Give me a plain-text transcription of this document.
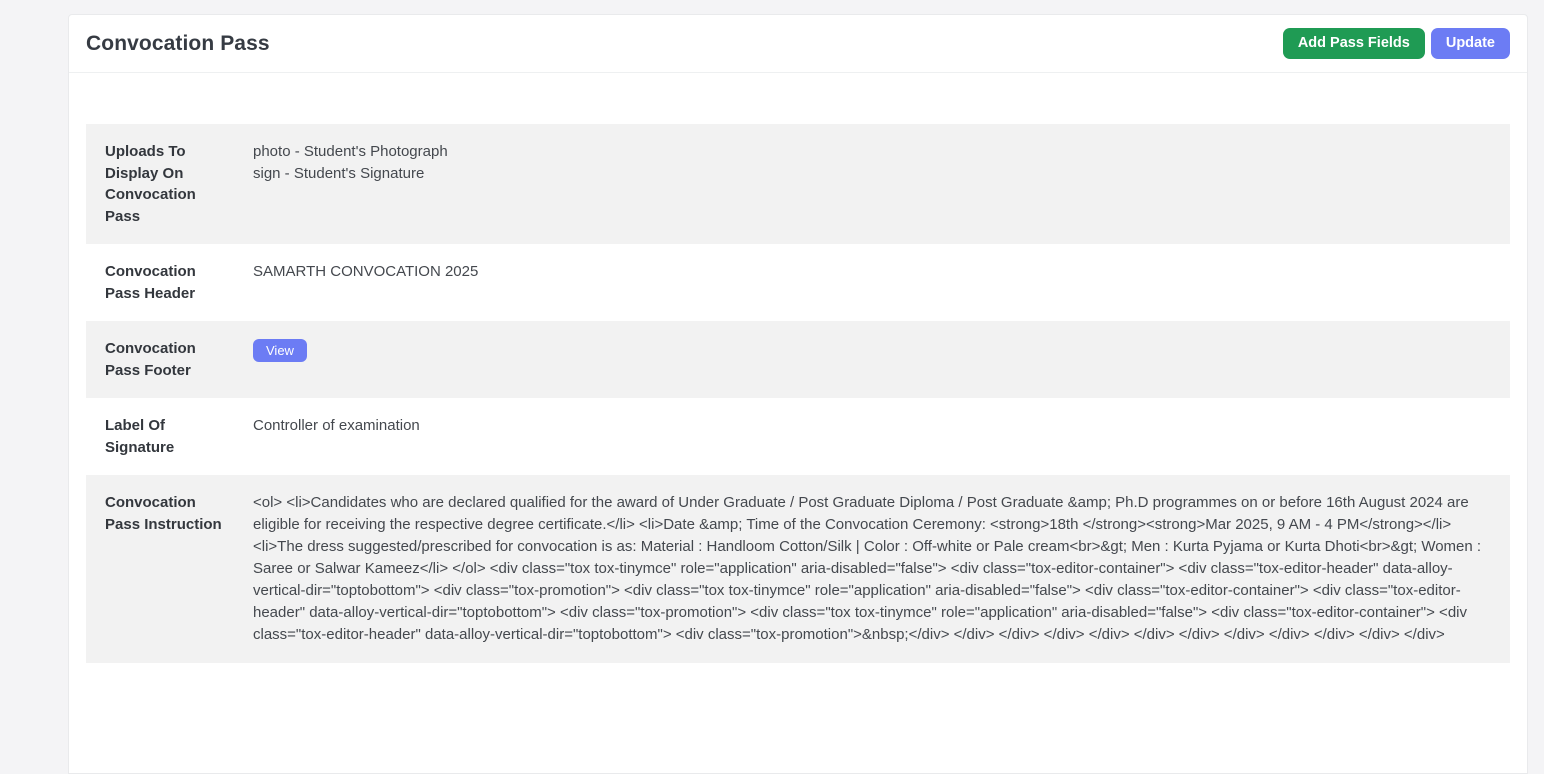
Convocation Pass	Add Pass Fields	Update
Uploads To Display On Convocation Pass	photo - Student's Photograph
sign - Student's Signature

Convocation Pass Header	SAMARTH CONVOCATION 2025
Convocation Pass Footer	View
Label Of Signature	Controller of examination
Convocation Pass Instruction	<ol> <li>Candidates who are declared qualified for the award of Under Graduate / Post Graduate Diploma / Post Graduate &amp; Ph.D programmes on or before 16th August 2024 are eligible for receiving the respective degree certificate.</li> <li>Date &amp; Time of the Convocation Ceremony: <strong>18th </strong><strong>Mar 2025, 9 AM - 4 PM</strong></li> <li>The dress suggested/prescribed for convocation is as: Material : Handloom Cotton/Silk | Color : Off-white or Pale cream<br>&gt; Men : Kurta Pyjama or Kurta Dhoti<br>&gt; Women : Saree or Salwar Kameez</li> </ol> <div class="tox tox-tinymce" role="application" aria-disabled="false"> <div class="tox-editor-container"> <div class="tox-editor-header" data-alloy-vertical-dir="toptobottom"> <div class="tox-promotion"> <div class="tox tox-tinymce" role="application" aria-disabled="false"> <div class="tox-editor-container"> <div class="tox-editor-header" data-alloy-vertical-dir="toptobottom"> <div class="tox-promotion"> <div class="tox tox-tinymce" role="application" aria-disabled="false"> <div class="tox-editor-container"> <div class="tox-editor-header" data-alloy-vertical-dir="toptobottom"> <div class="tox-promotion">&nbsp;</div> </div> </div> </div> </div> </div> </div> </div> </div> </div> </div> </div>
